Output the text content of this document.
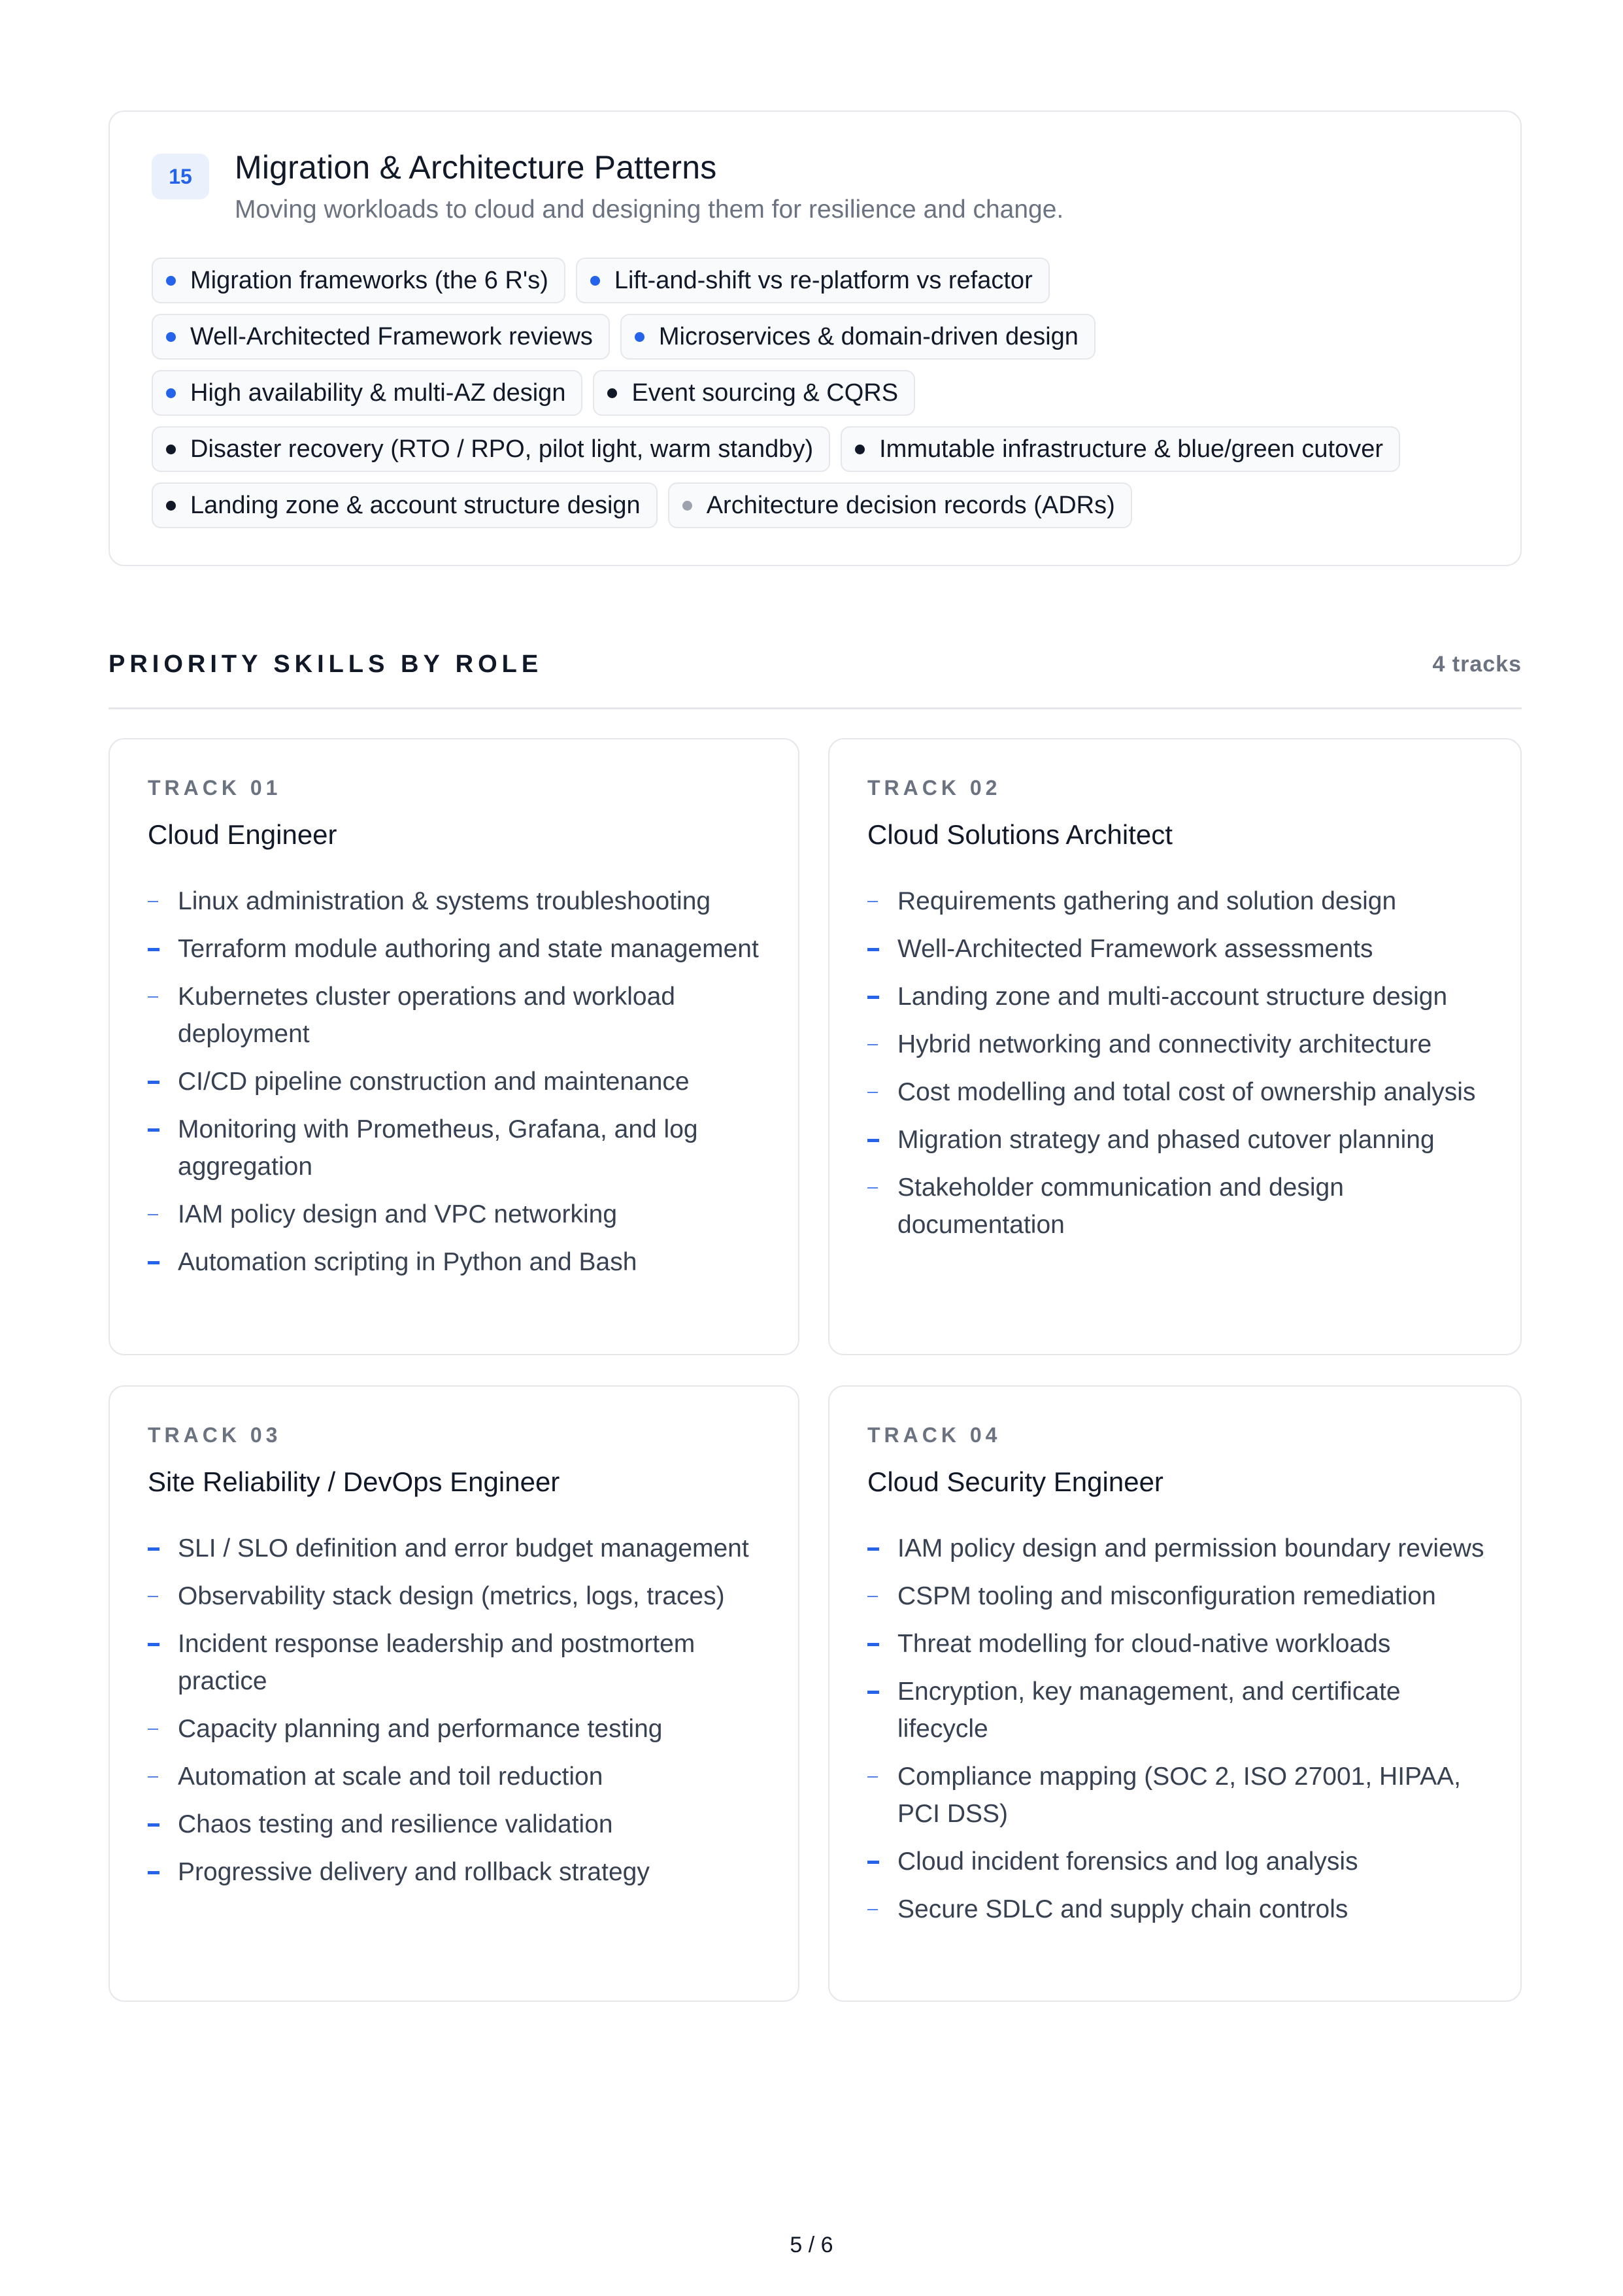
15	Migration & Architecture Patterns
Moving workloads to cloud and designing them for resilience and change.
Migration frameworks (the 6 R's)	Lift-and-shift vs re-platform vs refactor
Well-Architected Framework reviews	Microservices & domain-driven design
High availability & multi-AZ design	Event sourcing & CQRS
Disaster recovery (RTO / RPO, pilot light, warm standby)	Immutable infrastructure & blue/green cutover
Landing zone & account structure design	Architecture decision records (ADRs)
PRIORITY SKILLS BY ROLE	4 tracks
TRACK 01
Cloud Engineer
Linux administration & systems troubleshooting
Terraform module authoring and state management
Kubernetes cluster operations and workload deployment
CI/CD pipeline construction and maintenance
Monitoring with Prometheus, Grafana, and log aggregation
IAM policy design and VPC networking
Automation scripting in Python and Bash
TRACK 02
Cloud Solutions Architect
Requirements gathering and solution design
Well-Architected Framework assessments
Landing zone and multi-account structure design
Hybrid networking and connectivity architecture
Cost modelling and total cost of ownership analysis
Migration strategy and phased cutover planning
Stakeholder communication and design documentation
TRACK 03
Site Reliability / DevOps Engineer
SLI / SLO definition and error budget management
Observability stack design (metrics, logs, traces)
Incident response leadership and postmortem practice
Capacity planning and performance testing
Automation at scale and toil reduction
Chaos testing and resilience validation
Progressive delivery and rollback strategy
TRACK 04
Cloud Security Engineer
IAM policy design and permission boundary reviews
CSPM tooling and misconfiguration remediation
Threat modelling for cloud-native workloads
Encryption, key management, and certificate lifecycle
Compliance mapping (SOC 2, ISO 27001, HIPAA, PCI DSS)
Cloud incident forensics and log analysis
Secure SDLC and supply chain controls
5 / 6
